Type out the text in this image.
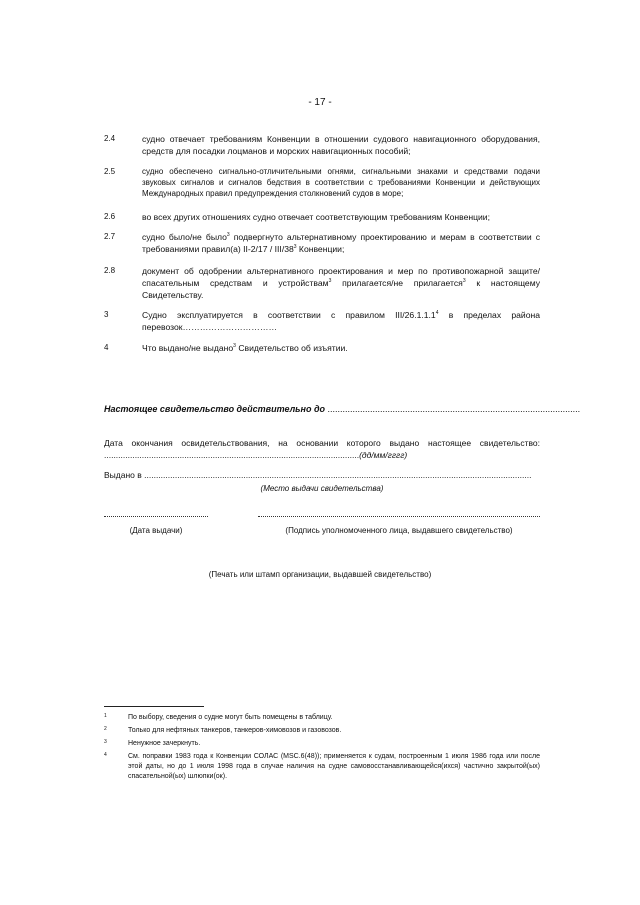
- 17 -
2.4	судно отвечает требованиям Конвенции в отношении судового навигационного оборудования, средств для посадки лоцманов и морских навигационных пособий;
2.5	судно обеспечено сигнально-отличительными огнями, сигнальными знаками и средствами подачи звуковых сигналов и сигналов бедствия в соответствии с требованиями Конвенции и действующих Международных правил предупреждения столкновений судов в море;
2.6	во всех других отношениях судно отвечает соответствующим требованиям Конвенции;
2.7	судно было/не было$^3$ подвергнуто альтернативному проектированию и мерам в соответствии с требованиями правил(а) II-2/17 / III/$38^3$ Конвенции;
2.8	документ об одобрении альтернативного проектирования и мер по противопожарной защите/спасательным средствам и устройствам$^3$ прилагается/не прилагается$^3$ к настоящему Свидетельству.
3	Судно эксплуатируется в соответствии с правилом III/26.1.1.1$^4$ в пределах района перевозок……………………………
4	Что выдано/не выдано$^3$ Свидетельство об изъятии.
Настоящее свидетельство действительно до .....................................................................................................
Дата окончания освидетельствования, на основании которого выдано настоящее свидетельство: ............................................................................................................(дд/мм/гггг)
Выдано в ....................................................................................................................................................................
(Место выдачи свидетельства)
(Дата выдачи)	(Подпись уполномоченного лица, выдавшего свидетельство)
(Печать или штамп организации, выдавшей свидетельство)
1	По выбору, сведения о судне могут быть помещены в таблицу.
2	Только для нефтяных танкеров, танкеров-химовозов и газовозов.
3	Ненужное зачеркнуть.
4	См. поправки 1983 года к Конвенции СОЛАС (MSC.6(48)); применяется к судам, построенным 1 июля 1986 года или после этой даты, но до 1 июля 1998 года в случае наличия на судне самовосстанавливающейся(ихся) частично закрытой(ых) спасательной(ых) шлюпки(ок).
